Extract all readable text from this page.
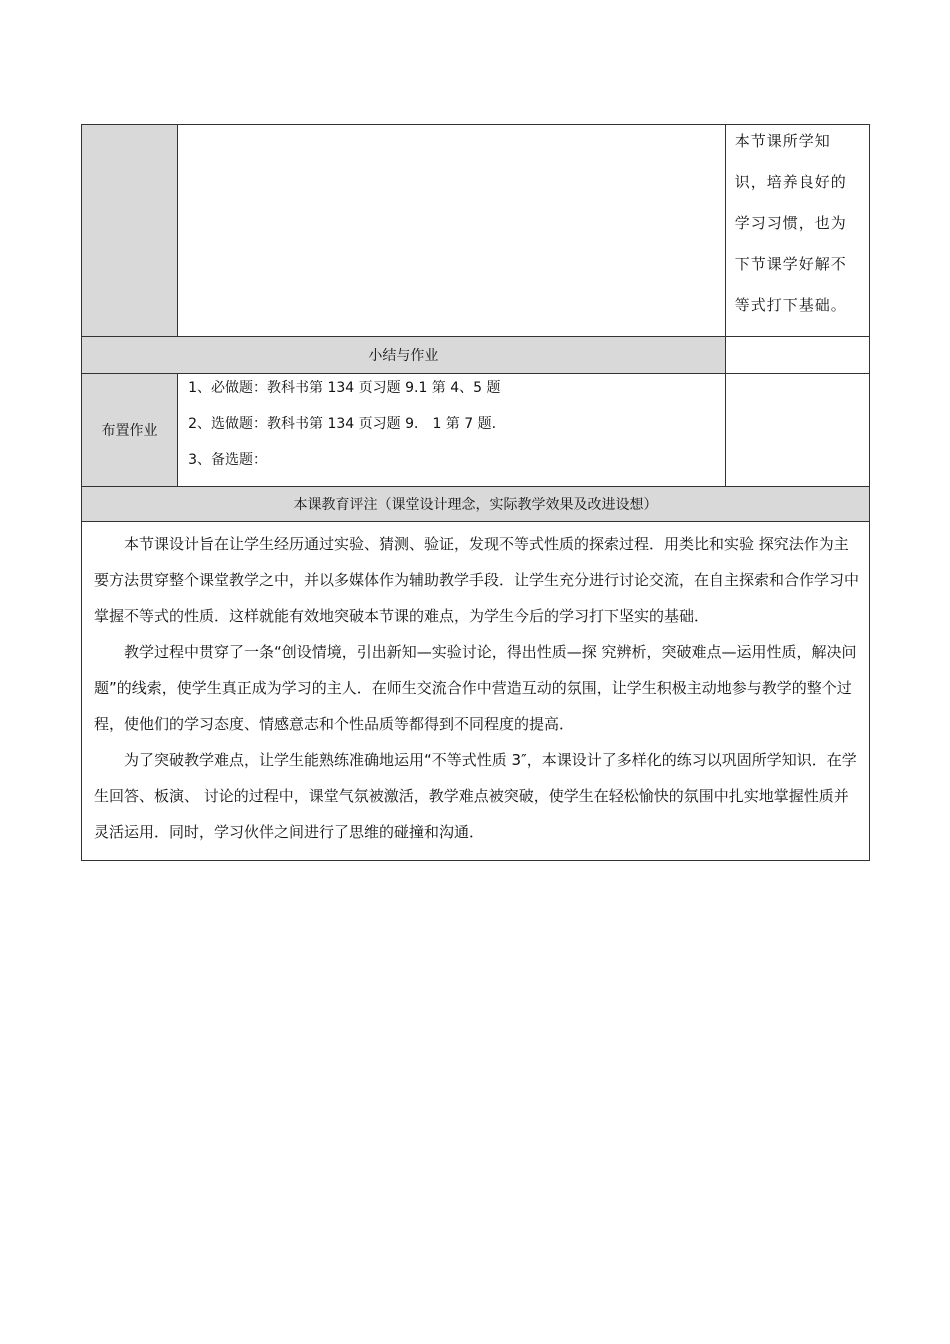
		本节课所学知
识，培养良好的
学习习惯，也为
下节课学好解不
等式打下基础。

小结与作业		
布置作业	1、必做题：教科书第 134 页习题 9.1 第 4、5 题
2、选做题：教科书第 134 页习题 9． 1 第 7 题.
3、备选题：	

本课教育评注（课堂设计理念，实际教学效果及改进设想）		

本节课设计旨在让学生经历通过实验、猜测、验证，发现不等式性质的探索过程．用类比和实验 探究法作为主要方法贯穿整个课堂教学之中，并以多媒体作为辅助教学手段．让学生充分进行讨论交流，在自主探索和合作学习中掌握不等式的性质．这样就能有效地突破本节课的难点，为学生今后的学习打下坚实的基础．

教学过程中贯穿了一条“创设情境，引出新知—实验讨论，得出性质—探 究辨析，突破难点—运用性质，解决问题”的线索，使学生真正成为学习的主人．在师生交流合作中营造互动的氛围，让学生积极主动地参与教学的整个过程，使他们的学习态度、情感意志和个性品质等都得到不同程度的提高．

为了突破教学难点，让学生能熟练准确地运用“不等式性质 3″，本课设计了多样化的练习以巩固所学知识．在学生回答、板演、 讨论的过程中，课堂气氛被激活，教学难点被突破，使学生在轻松愉快的氛围中扎实地掌握性质并灵活运用．同时，学习伙伴之间进行了思维的碰撞和沟通．		
